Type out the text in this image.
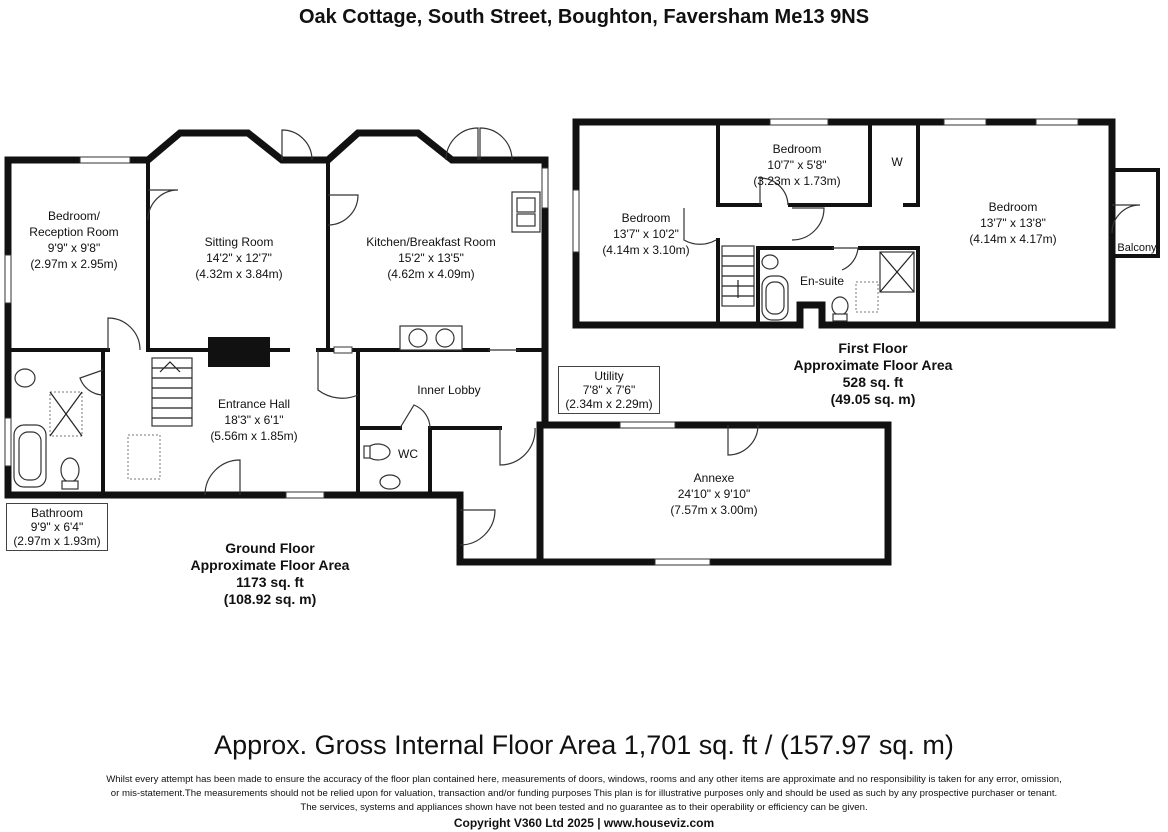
Oak Cottage, South Street, Boughton, Faversham Me13 9NS
Bedroom/
Reception Room
9'9" x 9'8"
(2.97m x 2.95m)
Sitting Room
14'2" x 12'7"
(4.32m x 3.84m)
Kitchen/Breakfast Room
15'2" x 13'5"
(4.62m x 4.09m)
Entrance Hall
18'3" x 6'1"
(5.56m x 1.85m)
Inner Lobby
WC
Annexe
24'10" x 9'10"
(7.57m x 3.00m)
Bedroom
13'7" x 10'2"
(4.14m x 3.10m)
Bedroom
10'7" x 5'8"
(3.23m x 1.73m)
Bedroom
13'7" x 13'8"
(4.14m x 4.17m)
W
En-suite
Balcony
Bathroom
9'9" x 6'4"
(2.97m x 1.93m)
Utility
7'8" x 7'6"
(2.34m x 2.29m)
Ground Floor
Approximate Floor Area
1173 sq. ft
(108.92 sq. m)
First Floor
Approximate Floor Area
528 sq. ft
(49.05 sq. m)
Approx. Gross Internal Floor Area 1,701 sq. ft / (157.97 sq. m)
Whilst every attempt has been made to ensure the accuracy of the floor plan contained here, measurements of doors, windows, rooms and any other items are approximate and no responsibility is taken for any error, omission,
or mis-statement.The measurements should not be relied upon for valuation, transaction and/or funding purposes This plan is for illustrative purposes only and should be used as such by any prospective purchaser or tenant.
The services, systems and appliances shown have not been tested and no guarantee as to their operability or efficiency can be given.
Copyright V360 Ltd 2025 | www.houseviz.com
